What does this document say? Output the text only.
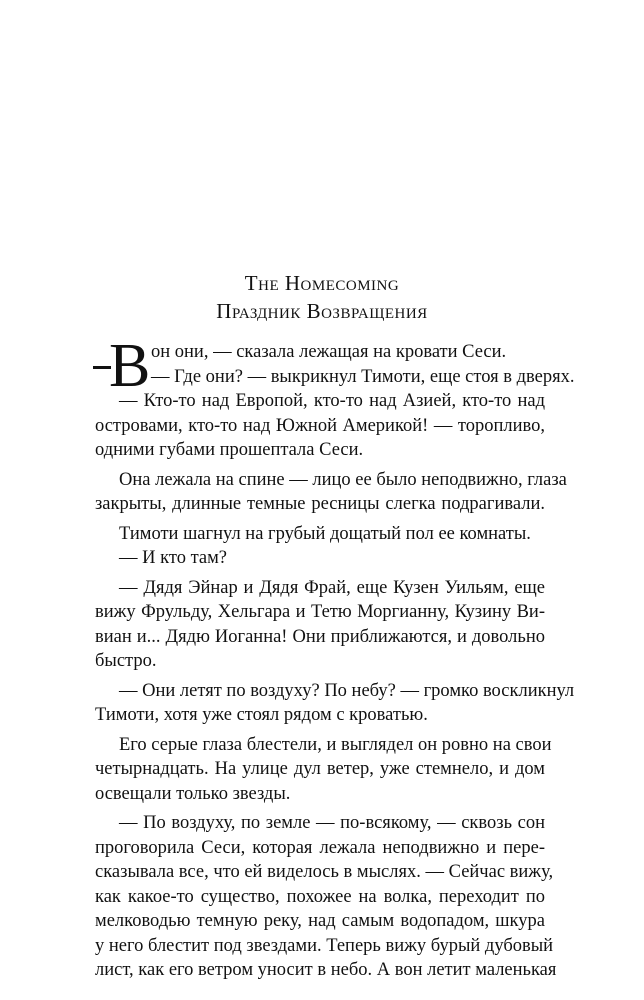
The Homecoming
Праздник Возвращения
В он они, — сказала лежащая на кровати Сеси.
— Где они? — выкрикнул Тимоти, еще стоя в дверях.
— Кто-то над Европой, кто-то над Азией, кто-то над
островами, кто-то над Южной Америкой! — торопливо,
одними губами прошептала Сеси.
Она лежала на спине — лицо ее было неподвижно, глаза
закрыты, длинные темные ресницы слегка подрагивали.
Тимоти шагнул на грубый дощатый пол ее комнаты.
— И кто там?
— Дядя Эйнар и Дядя Фрай, еще Кузен Уильям, еще
вижу Фрульду, Хельгара и Тетю Моргианну, Кузину Ви-
виан и... Дядю Иоганна! Они приближаются, и довольно
быстро.
— Они летят по воздуху? По небу? — громко воскликнул
Тимоти, хотя уже стоял рядом с кроватью.
Его серые глаза блестели, и выглядел он ровно на свои
четырнадцать. На улице дул ветер, уже стемнело, и дом
освещали только звезды.
— По воздуху, по земле — по-всякому, — сквозь сон
проговорила Сеси, которая лежала неподвижно и пере-
сказывала все, что ей виделось в мыслях. — Сейчас вижу,
как какое-то существо, похожее на волка, переходит по
мелководью темную реку, над самым водопадом, шкура
у него блестит под звездами. Теперь вижу бурый дубовый
лист, как его ветром уносит в небо. А вон летит маленькая
